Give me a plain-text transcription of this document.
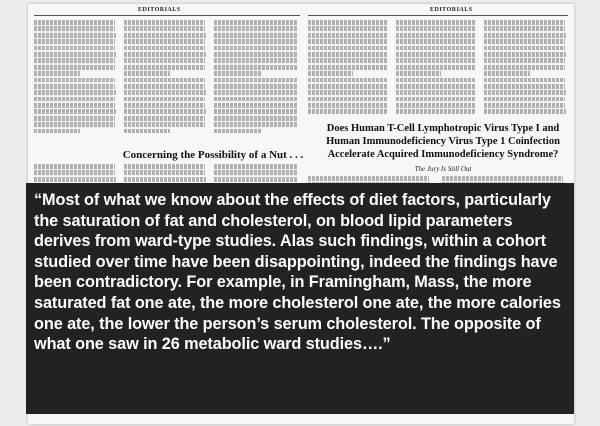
EDITORIALS	EDITORIALS
Concerning the Possibility of a Nut . . .
Does Human T-Cell Lymphotropic Virus Type I and Human Immunodeficiency Virus Type 1 Coinfection Accelerate Acquired Immunodeficiency Syndrome?
The Jury Is Still Out
“Most of what we know about the effects of diet factors, particularly the saturation of fat and cholesterol, on blood lipid parameters derives from ward-type studies. Alas such findings, within a cohort studied over time have been disappointing, indeed the findings have been contradictory. For example, in Framingham, Mass, the more saturated fat one ate, the more cholesterol one ate, the more calories one ate, the lower the person’s serum cholesterol. The opposite of what one saw in 26 metabolic ward studies….”
